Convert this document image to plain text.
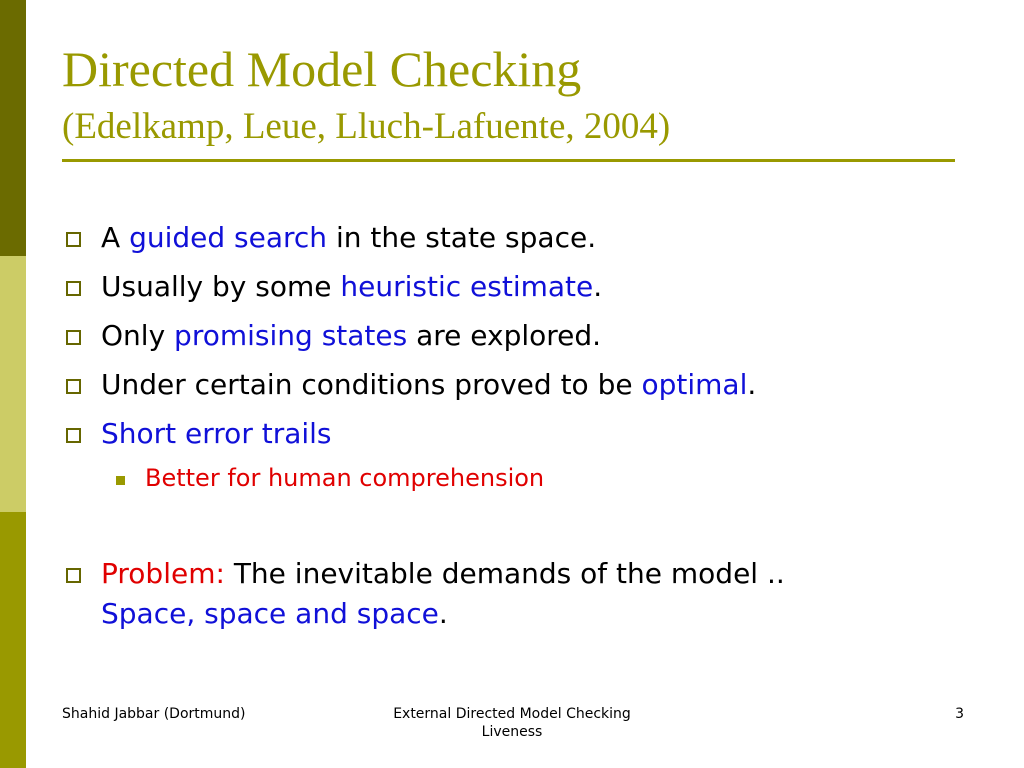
Directed Model Checking
(Edelkamp, Leue, Lluch-Lafuente, 2004)
A guided search in the state space.
Usually by some heuristic estimate.
Only promising states are explored.
Under certain conditions proved to be optimal.
Short error trails
Better for human comprehension
Problem: The inevitable demands of the model ..
Space, space and space.
Shahid Jabbar (Dortmund)	External Directed Model Checking
Liveness
3
